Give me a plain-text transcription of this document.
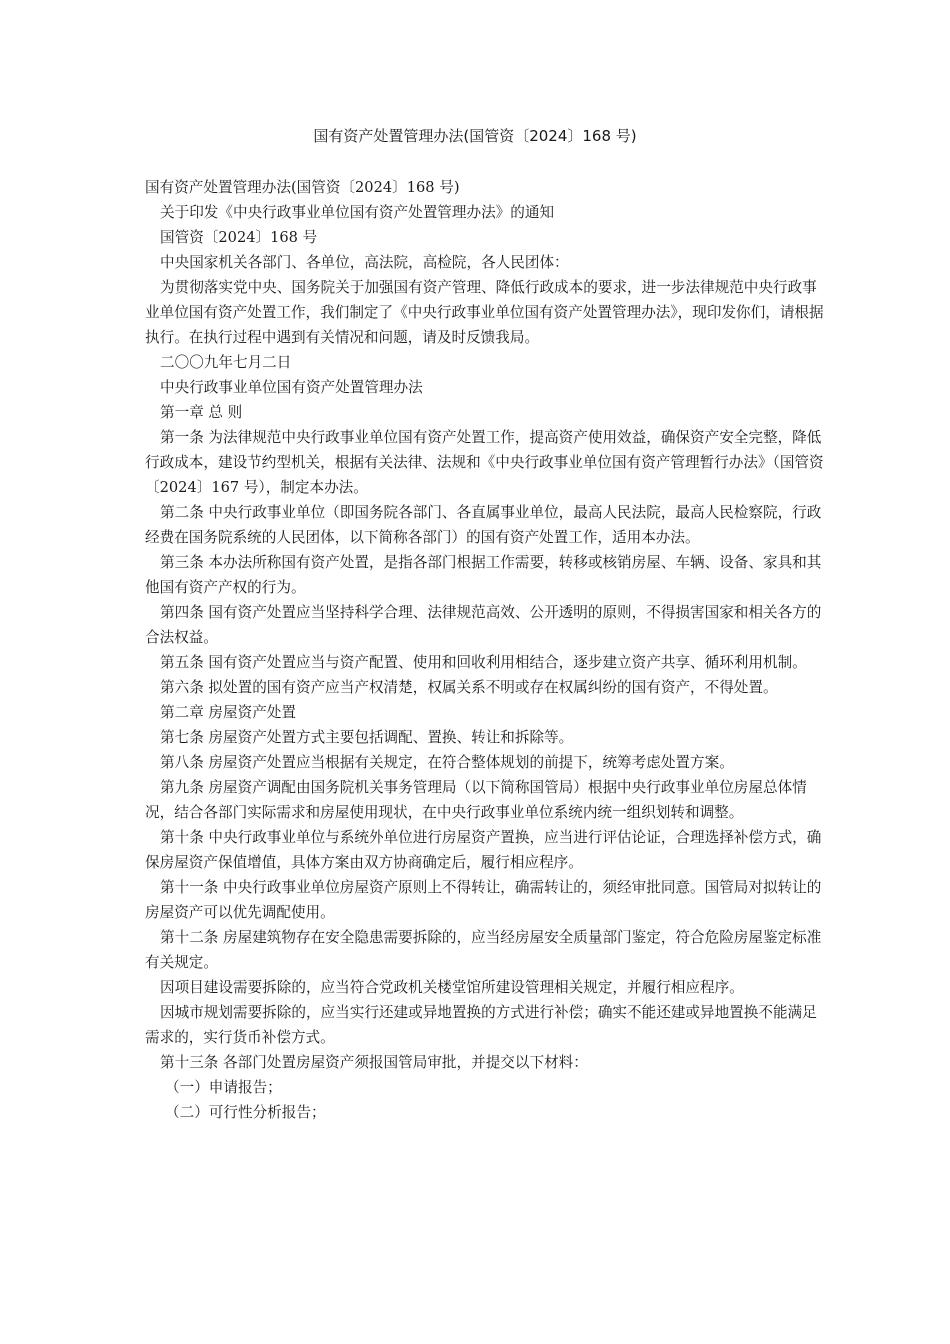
国有资产处置管理办法(国管资〔2024〕168 号)

国有资产处置管理办法(国管资〔2024〕168 号)

关于印发《中央行政事业单位国有资产处置管理办法》的通知

国管资〔2024〕168 号

中央国家机关各部门、各单位，高法院，高检院，各人民团体：

为贯彻落实党中央、国务院关于加强国有资产管理、降低行政成本的要求，进一步法律规范中央行政事业单位国有资产处置工作，我们制定了《中央行政事业单位国有资产处置管理办法》，现印发你们，请根据执行。在执行过程中遇到有关情况和问题，请及时反馈我局。

二〇〇九年七月二日

中央行政事业单位国有资产处置管理办法

第一章 总 则

第一条 为法律规范中央行政事业单位国有资产处置工作，提高资产使用效益，确保资产安全完整，降低行政成本，建设节约型机关，根据有关法律、法规和《中央行政事业单位国有资产管理暂行办法》（国管资〔2024〕167 号），制定本办法。

第二条 中央行政事业单位（即国务院各部门、各直属事业单位，最高人民法院，最高人民检察院，行政经费在国务院系统的人民团体，以下简称各部门）的国有资产处置工作，适用本办法。

第三条 本办法所称国有资产处置，是指各部门根据工作需要，转移或核销房屋、车辆、设备、家具和其他国有资产产权的行为。

第四条 国有资产处置应当坚持科学合理、法律规范高效、公开透明的原则，不得损害国家和相关各方的合法权益。

第五条 国有资产处置应当与资产配置、使用和回收利用相结合，逐步建立资产共享、循环利用机制。

第六条 拟处置的国有资产应当产权清楚，权属关系不明或存在权属纠纷的国有资产，不得处置。

第二章 房屋资产处置

第七条 房屋资产处置方式主要包括调配、置换、转让和拆除等。

第八条 房屋资产处置应当根据有关规定，在符合整体规划的前提下，统筹考虑处置方案。

第九条 房屋资产调配由国务院机关事务管理局（以下简称国管局）根据中央行政事业单位房屋总体情况，结合各部门实际需求和房屋使用现状，在中央行政事业单位系统内统一组织划转和调整。

第十条 中央行政事业单位与系统外单位进行房屋资产置换，应当进行评估论证，合理选择补偿方式，确保房屋资产保值增值，具体方案由双方协商确定后，履行相应程序。

第十一条 中央行政事业单位房屋资产原则上不得转让，确需转让的，须经审批同意。国管局对拟转让的房屋资产可以优先调配使用。

第十二条 房屋建筑物存在安全隐患需要拆除的，应当经房屋安全质量部门鉴定，符合危险房屋鉴定标准有关规定。

因项目建设需要拆除的，应当符合党政机关楼堂馆所建设管理相关规定，并履行相应程序。

因城市规划需要拆除的，应当实行还建或异地置换的方式进行补偿；确实不能还建或异地置换不能满足需求的，实行货币补偿方式。

第十三条 各部门处置房屋资产须报国管局审批，并提交以下材料：

（一）申请报告；

（二）可行性分析报告；
